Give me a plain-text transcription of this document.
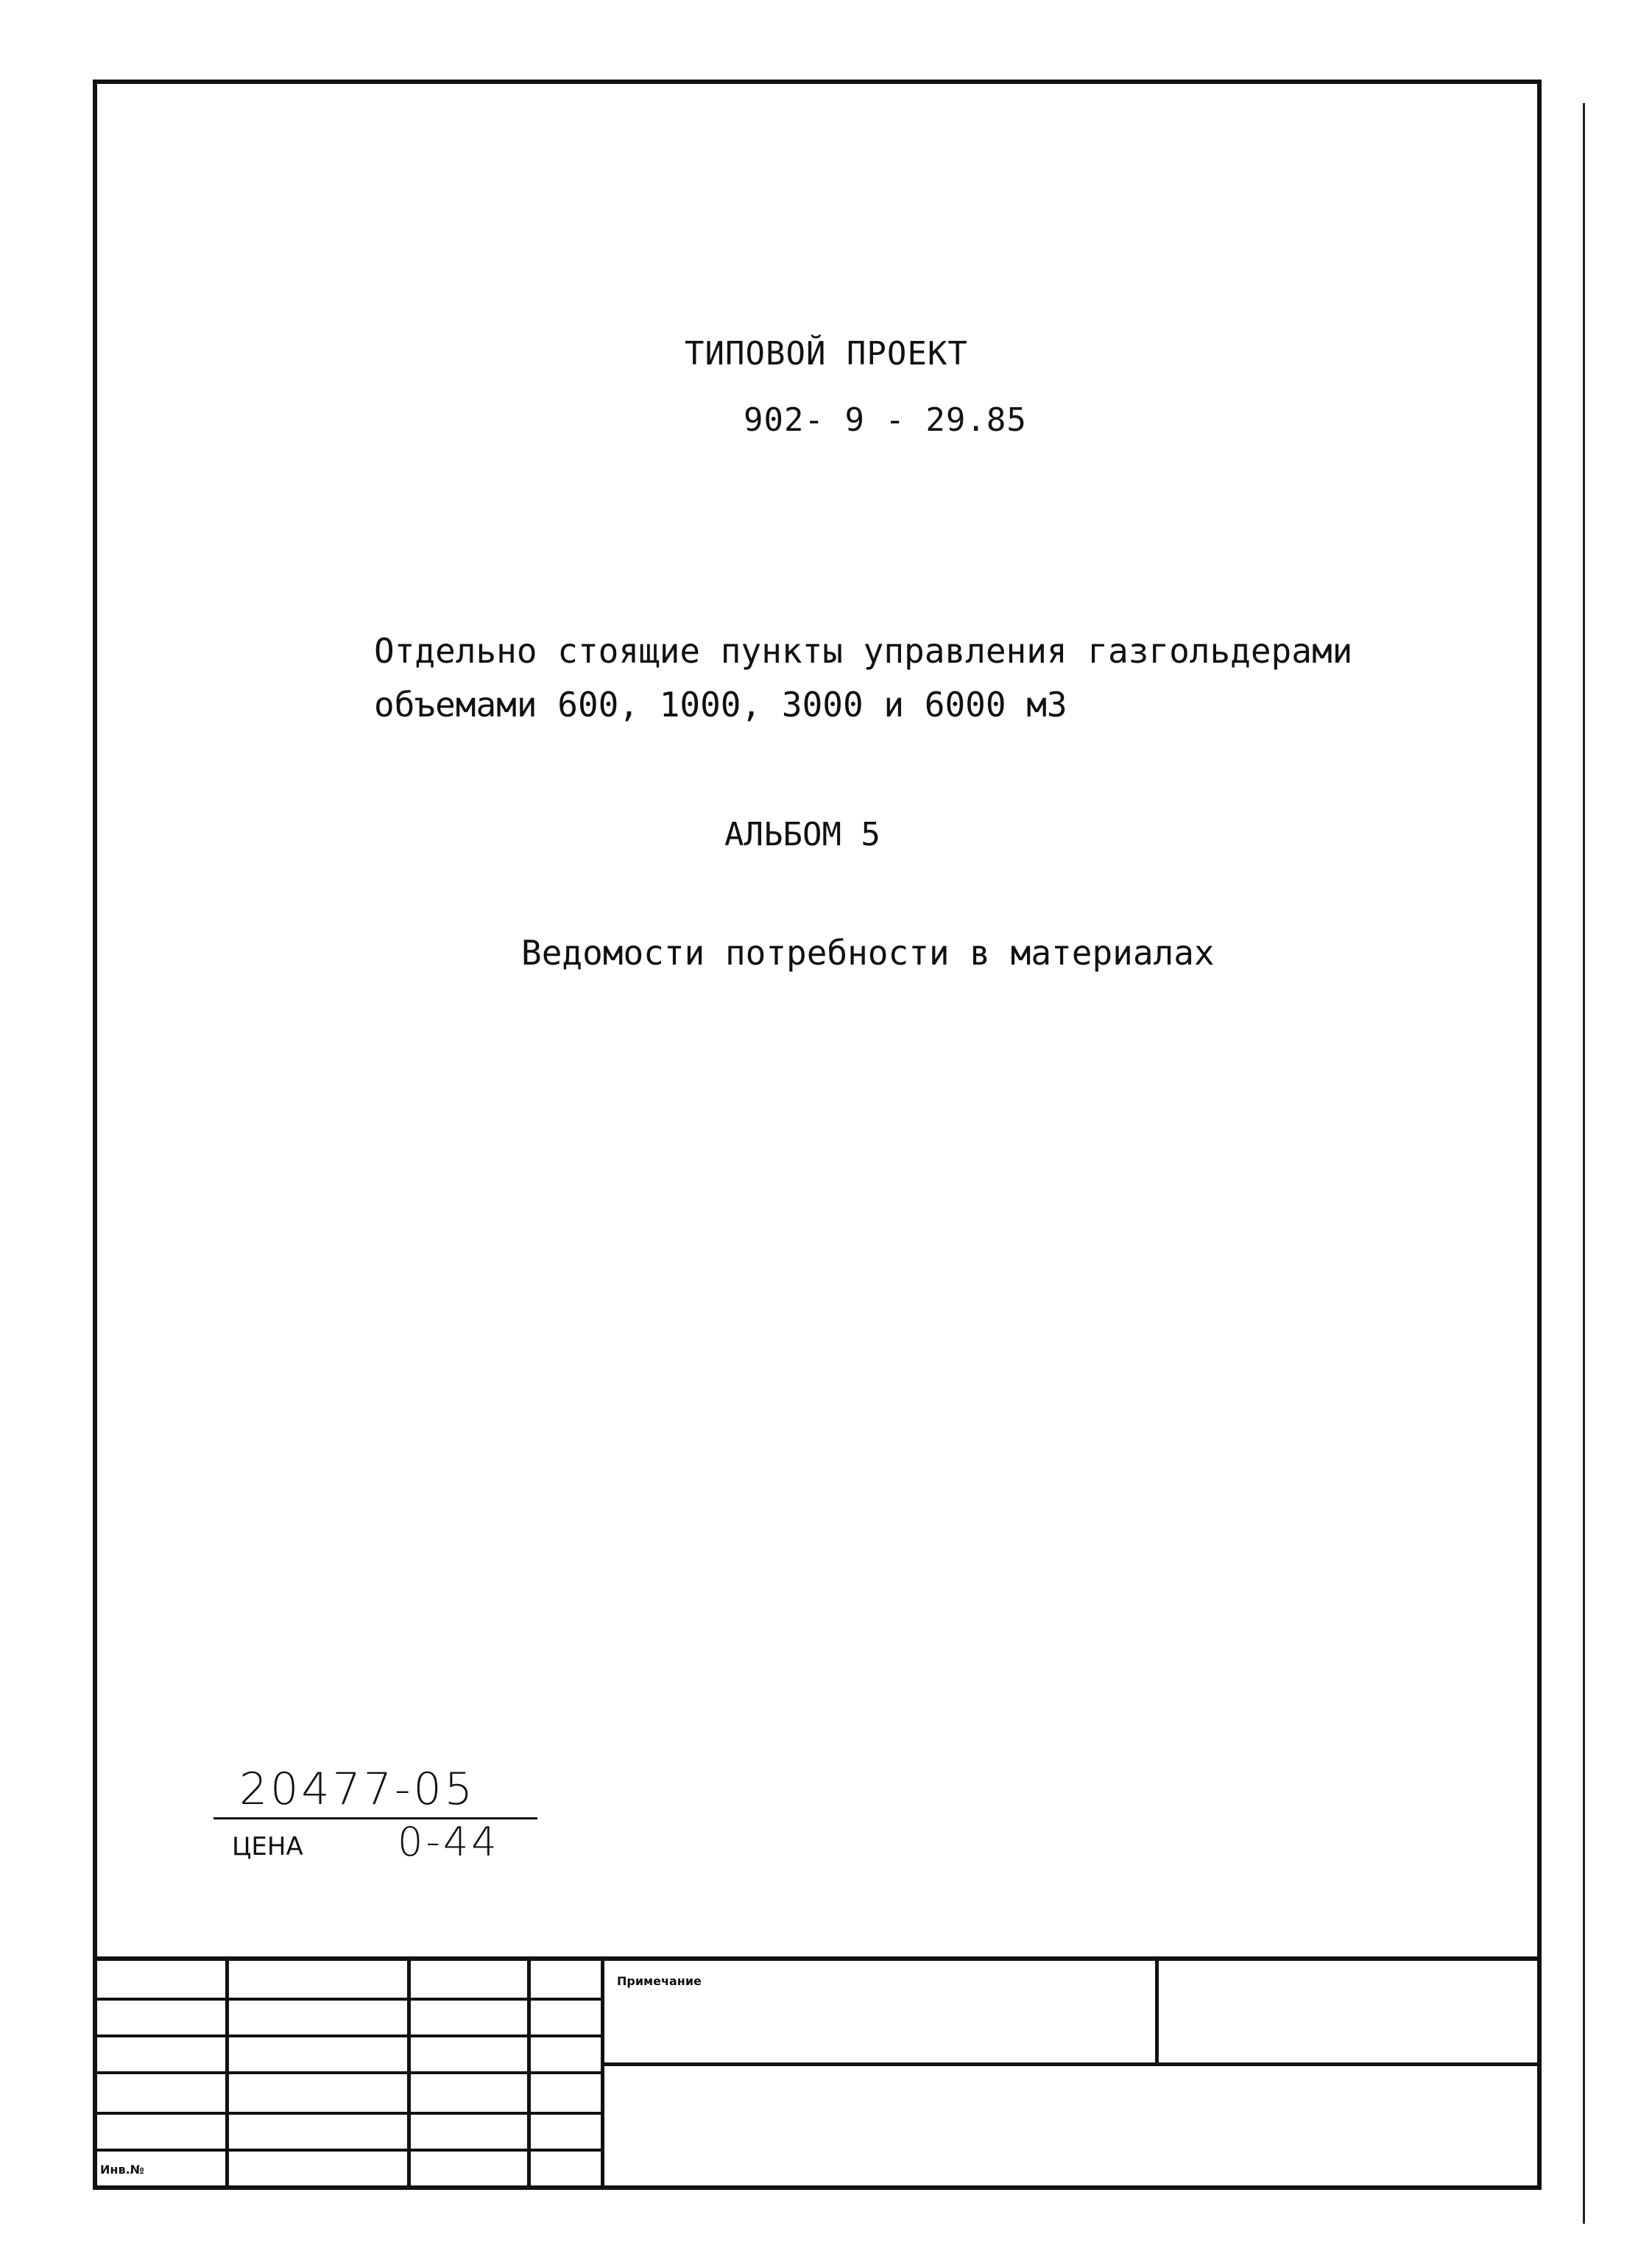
ТИПОВОЙ ПРОЕКТ
902- 9 - 29.85
Отдельно стоящие пункты управления газгольдерами
объемами 600, 1000, 3000 и 6000 м3
АЛЬБОМ 5
Ведомости потребности в материалах
20477-05
ЦЕНА 0-44
Примечание
Инв.№
